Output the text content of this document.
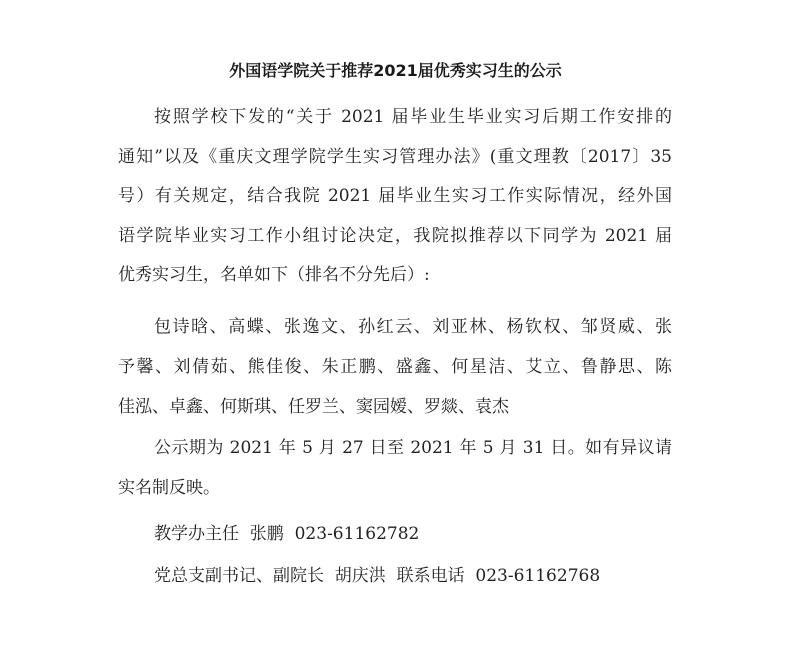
外国语学院关于推荐2021届优秀实习生的公示
按照学校下发的“关于 2021 届毕业生毕业实习后期工作安排的
通知”以及《重庆文理学院学生实习管理办法》(重文理教〔2017〕35
号）有关规定，结合我院 2021 届毕业生实习工作实际情况，经外国
语学院毕业实习工作小组讨论决定，我院拟推荐以下同学为 2021 届
优秀实习生，名单如下（排名不分先后）:
包诗晗、高蝶、张逸文、孙红云、刘亚林、杨钦权、邹贤威、张
予馨、刘倩茹、熊佳俊、朱正鹏、盛鑫、何星洁、艾立、鲁静思、陈
佳泓、卓鑫、何斯琪、任罗兰、窦园嫒、罗燚、袁杰
公示期为 2021 年 5 月 27 日至 2021 年 5 月 31 日。如有异议请
实名制反映。
教学办主任  张鹏  023-61162782
党总支副书记、副院长  胡庆洪  联系电话  023-61162768
